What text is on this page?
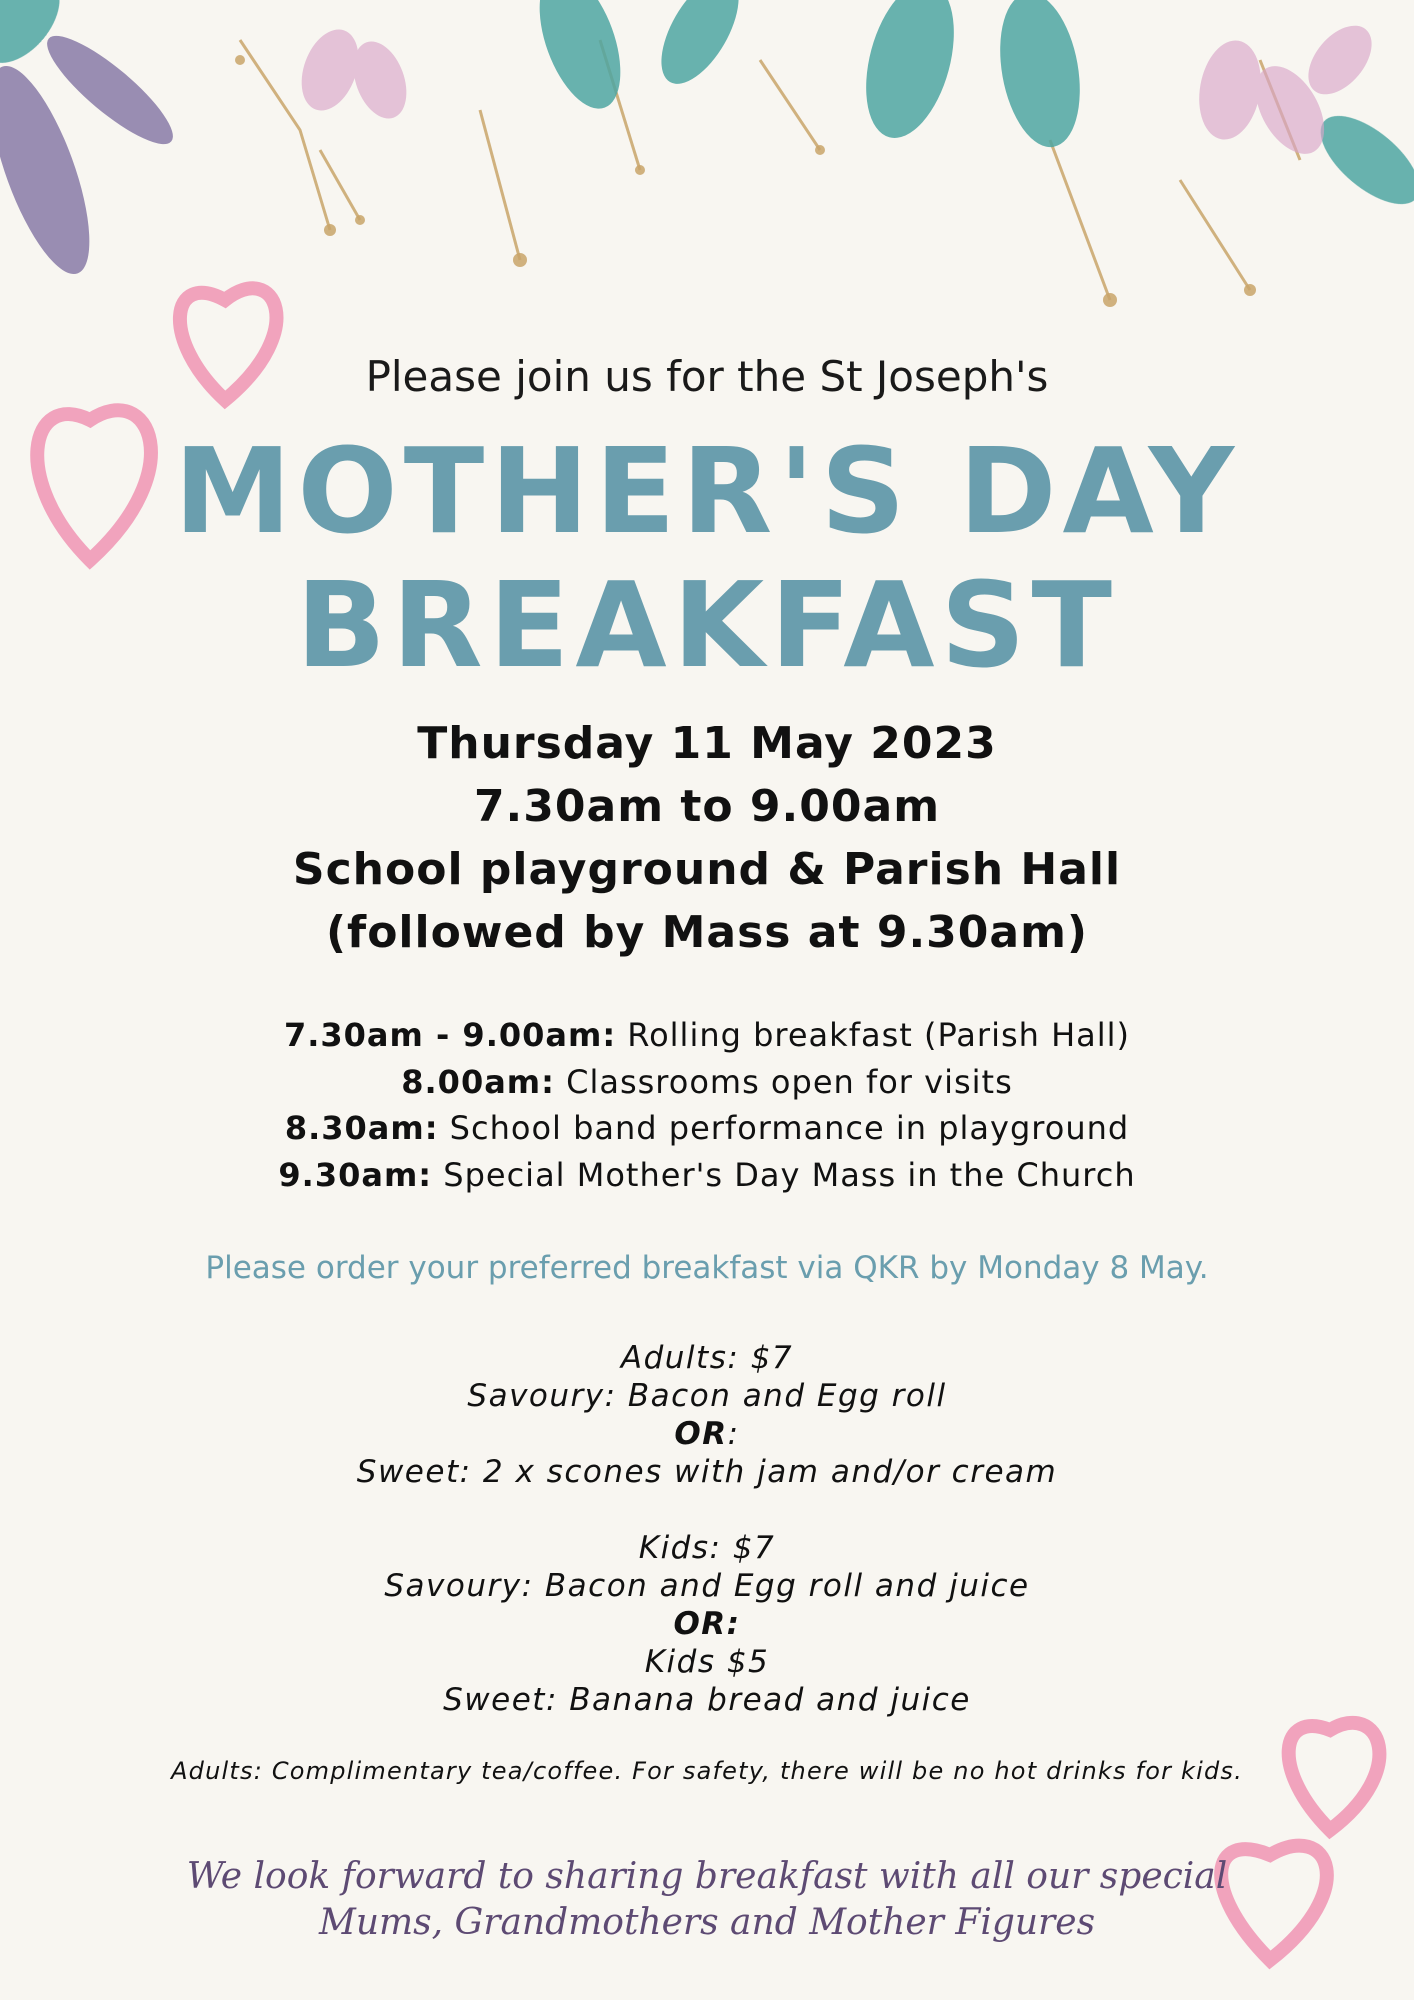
Please join us for the St Joseph's
MOTHER'S DAY
BREAKFAST
Thursday 11 May 2023
7.30am to 9.00am
School playground & Parish Hall
(followed by Mass at 9.30am)
7.30am - 9.00am: Rolling breakfast (Parish Hall)
8.00am: Classrooms open for visits
8.30am: School band performance in playground
9.30am: Special Mother's Day Mass in the Church
Please order your preferred breakfast via QKR by Monday 8 May.
Adults: $7
Savoury: Bacon and Egg roll
OR:
Sweet: 2 x scones with jam and/or cream
Kids: $7
Savoury: Bacon and Egg roll and juice
OR:
Kids $5
Sweet: Banana bread and juice
Adults: Complimentary tea/coffee. For safety, there will be no hot drinks for kids.
We look forward to sharing breakfast with all our special
Mums, Grandmothers and Mother Figures
